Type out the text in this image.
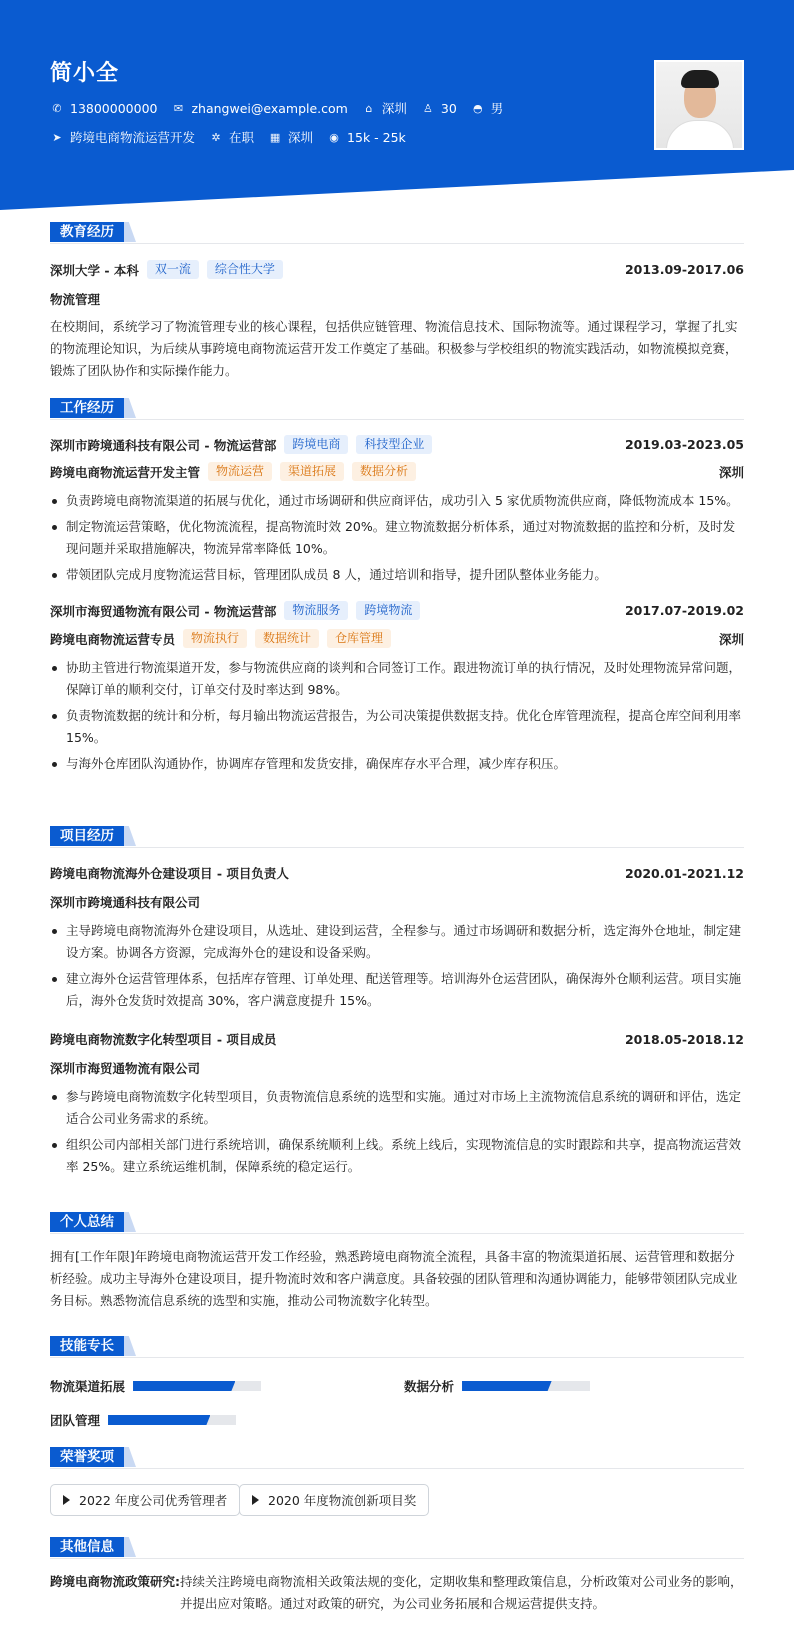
简小全
✆ 13800000000 ✉ zhangwei@example.com	⌂ 深圳 ♙ 30 ◓ 男
➤ 跨境电商物流运营开发 ✲ 在职 ▦ 深圳 ◉ 15k - 25k
教育经历
深圳大学 - 本科	双一流	综合性大学	2013.09-2017.06
物流管理
在校期间，系统学习了物流管理专业的核心课程，包括供应链管理、物流信息技术、国际物流等。通过课程学习，掌握了扎实的物流理论知识，为后续从事跨境电商物流运营开发工作奠定了基础。积极参与学校组织的物流实践活动，如物流模拟竞赛，锻炼了团队协作和实际操作能力。
工作经历
深圳市跨境通科技有限公司 - 物流运营部	跨境电商	科技型企业	2019.03-2023.05
跨境电商物流运营开发主管	物流运营	渠道拓展	数据分析	深圳
负责跨境电商物流渠道的拓展与优化，通过市场调研和供应商评估，成功引入 5 家优质物流供应商，降低物流成本 15%。
制定物流运营策略，优化物流流程，提高物流时效 20%。建立物流数据分析体系，通过对物流数据的监控和分析，及时发现问题并采取措施解决，物流异常率降低 10%。
带领团队完成月度物流运营目标，管理团队成员 8 人，通过培训和指导，提升团队整体业务能力。
深圳市海贸通物流有限公司 - 物流运营部	物流服务	跨境物流	2017.07-2019.02
跨境电商物流运营专员	物流执行	数据统计	仓库管理	深圳
协助主管进行物流渠道开发，参与物流供应商的谈判和合同签订工作。跟进物流订单的执行情况，及时处理物流异常问题，保障订单的顺利交付，订单交付及时率达到 98%。
负责物流数据的统计和分析，每月输出物流运营报告，为公司决策提供数据支持。优化仓库管理流程，提高仓库空间利用率 15%。
与海外仓库团队沟通协作，协调库存管理和发货安排，确保库存水平合理，减少库存积压。
项目经历
跨境电商物流海外仓建设项目 - 项目负责人	2020.01-2021.12
深圳市跨境通科技有限公司
主导跨境电商物流海外仓建设项目，从选址、建设到运营，全程参与。通过市场调研和数据分析，选定海外仓地址，制定建设方案。协调各方资源，完成海外仓的建设和设备采购。
建立海外仓运营管理体系，包括库存管理、订单处理、配送管理等。培训海外仓运营团队，确保海外仓顺利运营。项目实施后，海外仓发货时效提高 30%，客户满意度提升 15%。
跨境电商物流数字化转型项目 - 项目成员	2018.05-2018.12
深圳市海贸通物流有限公司
参与跨境电商物流数字化转型项目，负责物流信息系统的选型和实施。通过对市场上主流物流信息系统的调研和评估，选定适合公司业务需求的系统。
组织公司内部相关部门进行系统培训，确保系统顺利上线。系统上线后，实现物流信息的实时跟踪和共享，提高物流运营效率 25%。建立系统运维机制，保障系统的稳定运行。
个人总结
拥有[工作年限]年跨境电商物流运营开发工作经验，熟悉跨境电商物流全流程，具备丰富的物流渠道拓展、运营管理和数据分析经验。成功主导海外仓建设项目，提升物流时效和客户满意度。具备较强的团队管理和沟通协调能力，能够带领团队完成业务目标。熟悉物流信息系统的选型和实施，推动公司物流数字化转型。
技能专长
物流渠道拓展	数据分析
团队管理
荣誉奖项
2022 年度公司优秀管理者	2020 年度物流创新项目奖
其他信息
跨境电商物流政策研究: 持续关注跨境电商物流相关政策法规的变化，定期收集和整理政策信息，分析政策对公司业务的影响，并提出应对策略。通过对政策的研究，为公司业务拓展和合规运营提供支持。
